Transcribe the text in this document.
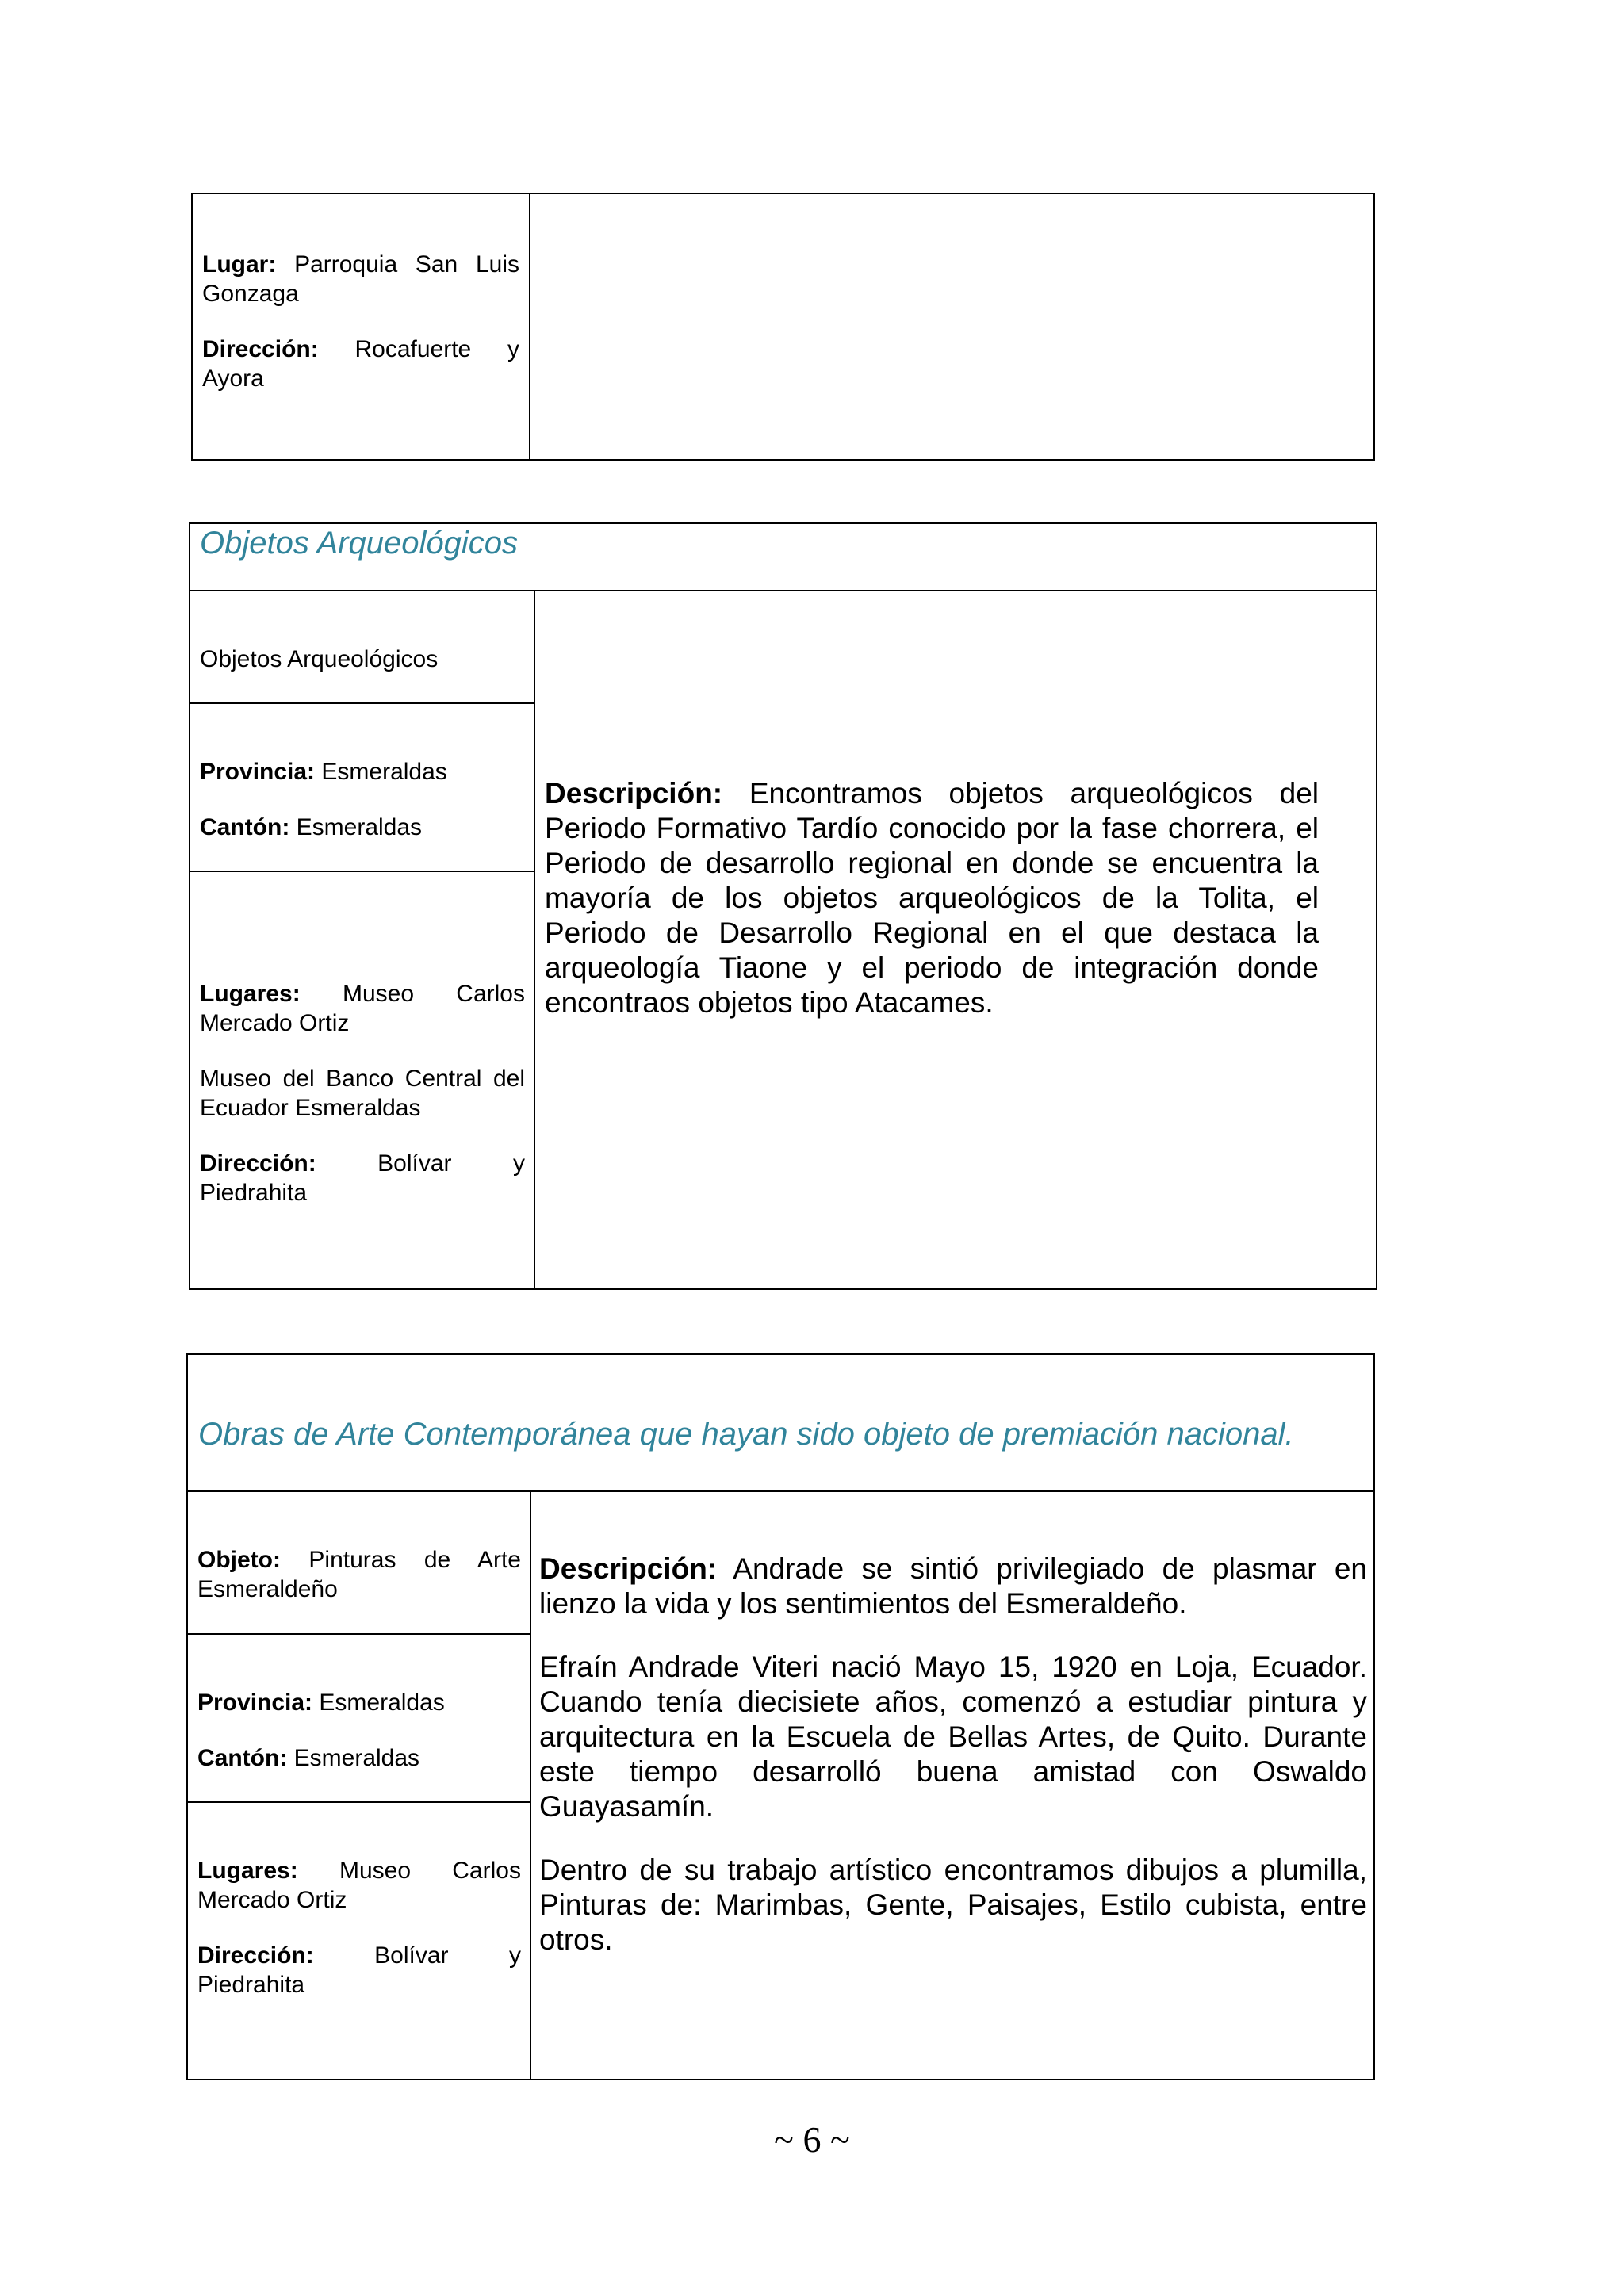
Lugar: Parroquia San Luis Gonzaga

Dirección: Rocafuerte y Ayora

Objetos Arqueológicos

Objetos Arqueológicos

Provincia: Esmeraldas

Cantón: Esmeraldas

Lugares: Museo Carlos Mercado Ortiz

Museo del Banco Central del Ecuador Esmeraldas

Dirección:	Bolívar y Piedrahita

Descripción: Encontramos objetos arqueológicos del Periodo Formativo Tardío conocido por la fase chorrera, el Periodo de desarrollo regional en donde se encuentra la mayoría de los objetos arqueológicos de la Tolita, el Periodo de Desarrollo Regional en el que destaca la arqueología Tiaone y el periodo de integración donde encontraos objetos tipo Atacames.

Obras de Arte Contemporánea que hayan sido objeto de premiación nacional.

Objeto: Pinturas de Arte Esmeraldeño

Provincia: Esmeraldas

Cantón: Esmeraldas

Lugares: Museo Carlos Mercado Ortiz

Dirección:	Bolívar y Piedrahita

Descripción: Andrade se sintió privilegiado de plasmar en lienzo la vida y los sentimientos del Esmeraldeño.

Efraín Andrade Viteri nació Mayo 15, 1920 en Loja, Ecuador. Cuando tenía diecisiete años, comenzó a estudiar pintura y arquitectura en la Escuela de Bellas Artes, de Quito. Durante este tiempo desarrolló buena amistad con Oswaldo Guayasamín.

Dentro de su trabajo artístico encontramos dibujos a plumilla, Pinturas de: Marimbas, Gente, Paisajes, Estilo cubista, entre otros.

~ 6 ~
